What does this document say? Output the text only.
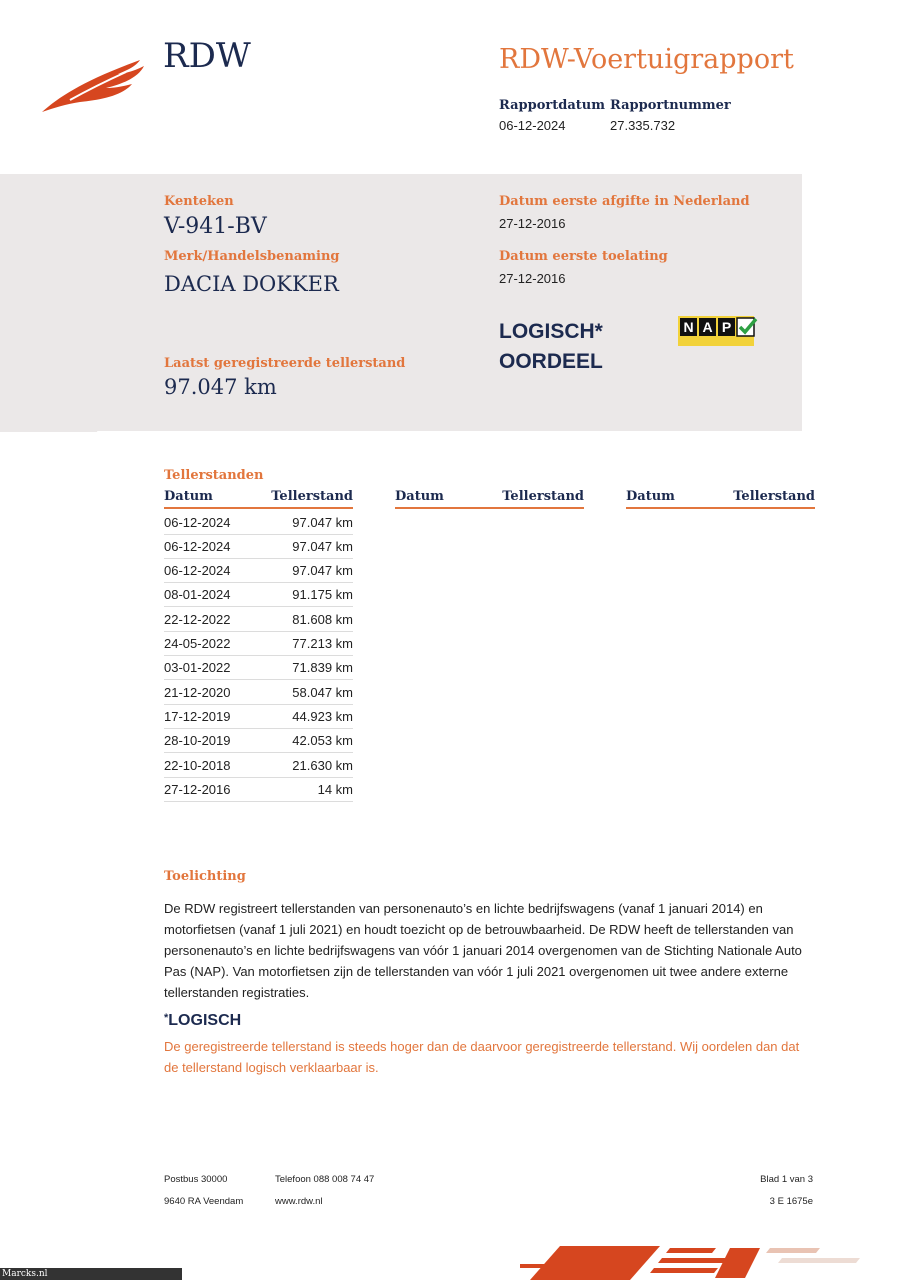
RDW	RDW-Voertuigrapport
Rapportdatum
06-12-2024
Rapportnummer
27.335.732
Kenteken
V-941-BV
Merk/Handelsbenaming
DACIA DOKKER
Datum eerste afgifte in Nederland
27-12-2016
Datum eerste toelating
27-12-2016
LOGISCH*
OORDEEL
N A P
Laatst geregistreerde tellerstand
97.047 km
Tellerstanden
Datum	Tellerstand	Datum	Tellerstand	Datum	Tellerstand
06-12-2024	97.047 km
06-12-2024	97.047 km
06-12-2024	97.047 km
08-01-2024	91.175 km
22-12-2022	81.608 km
24-05-2022	77.213 km
03-01-2022	71.839 km
21-12-2020	58.047 km
17-12-2019	44.923 km
28-10-2019	42.053 km
22-10-2018	21.630 km
27-12-2016	14 km
Toelichting
De RDW registreert tellerstanden van personenauto’s en lichte bedrijfswagens (vanaf 1 januari 2014) en motorfietsen (vanaf 1 juli 2021) en houdt toezicht op de betrouwbaarheid. De RDW heeft de tellerstanden van personenauto’s en lichte bedrijfswagens van vóór 1 januari 2014 overgenomen van de Stichting Nationale Auto Pas (NAP). Van motorfietsen zijn de tellerstanden van vóór 1 juli 2021 overgenomen uit twee andere externe tellerstanden registraties.
*LOGISCH
De geregistreerde tellerstand is steeds hoger dan de daarvoor geregistreerde tellerstand. Wij oordelen dan dat de tellerstand logisch verklaarbaar is.
Postbus 30000
9640 RA Veendam
Telefoon 088 008 74 47
www.rdw.nl
Blad 1 van 3
3 E 1675e
Marcks.nl
